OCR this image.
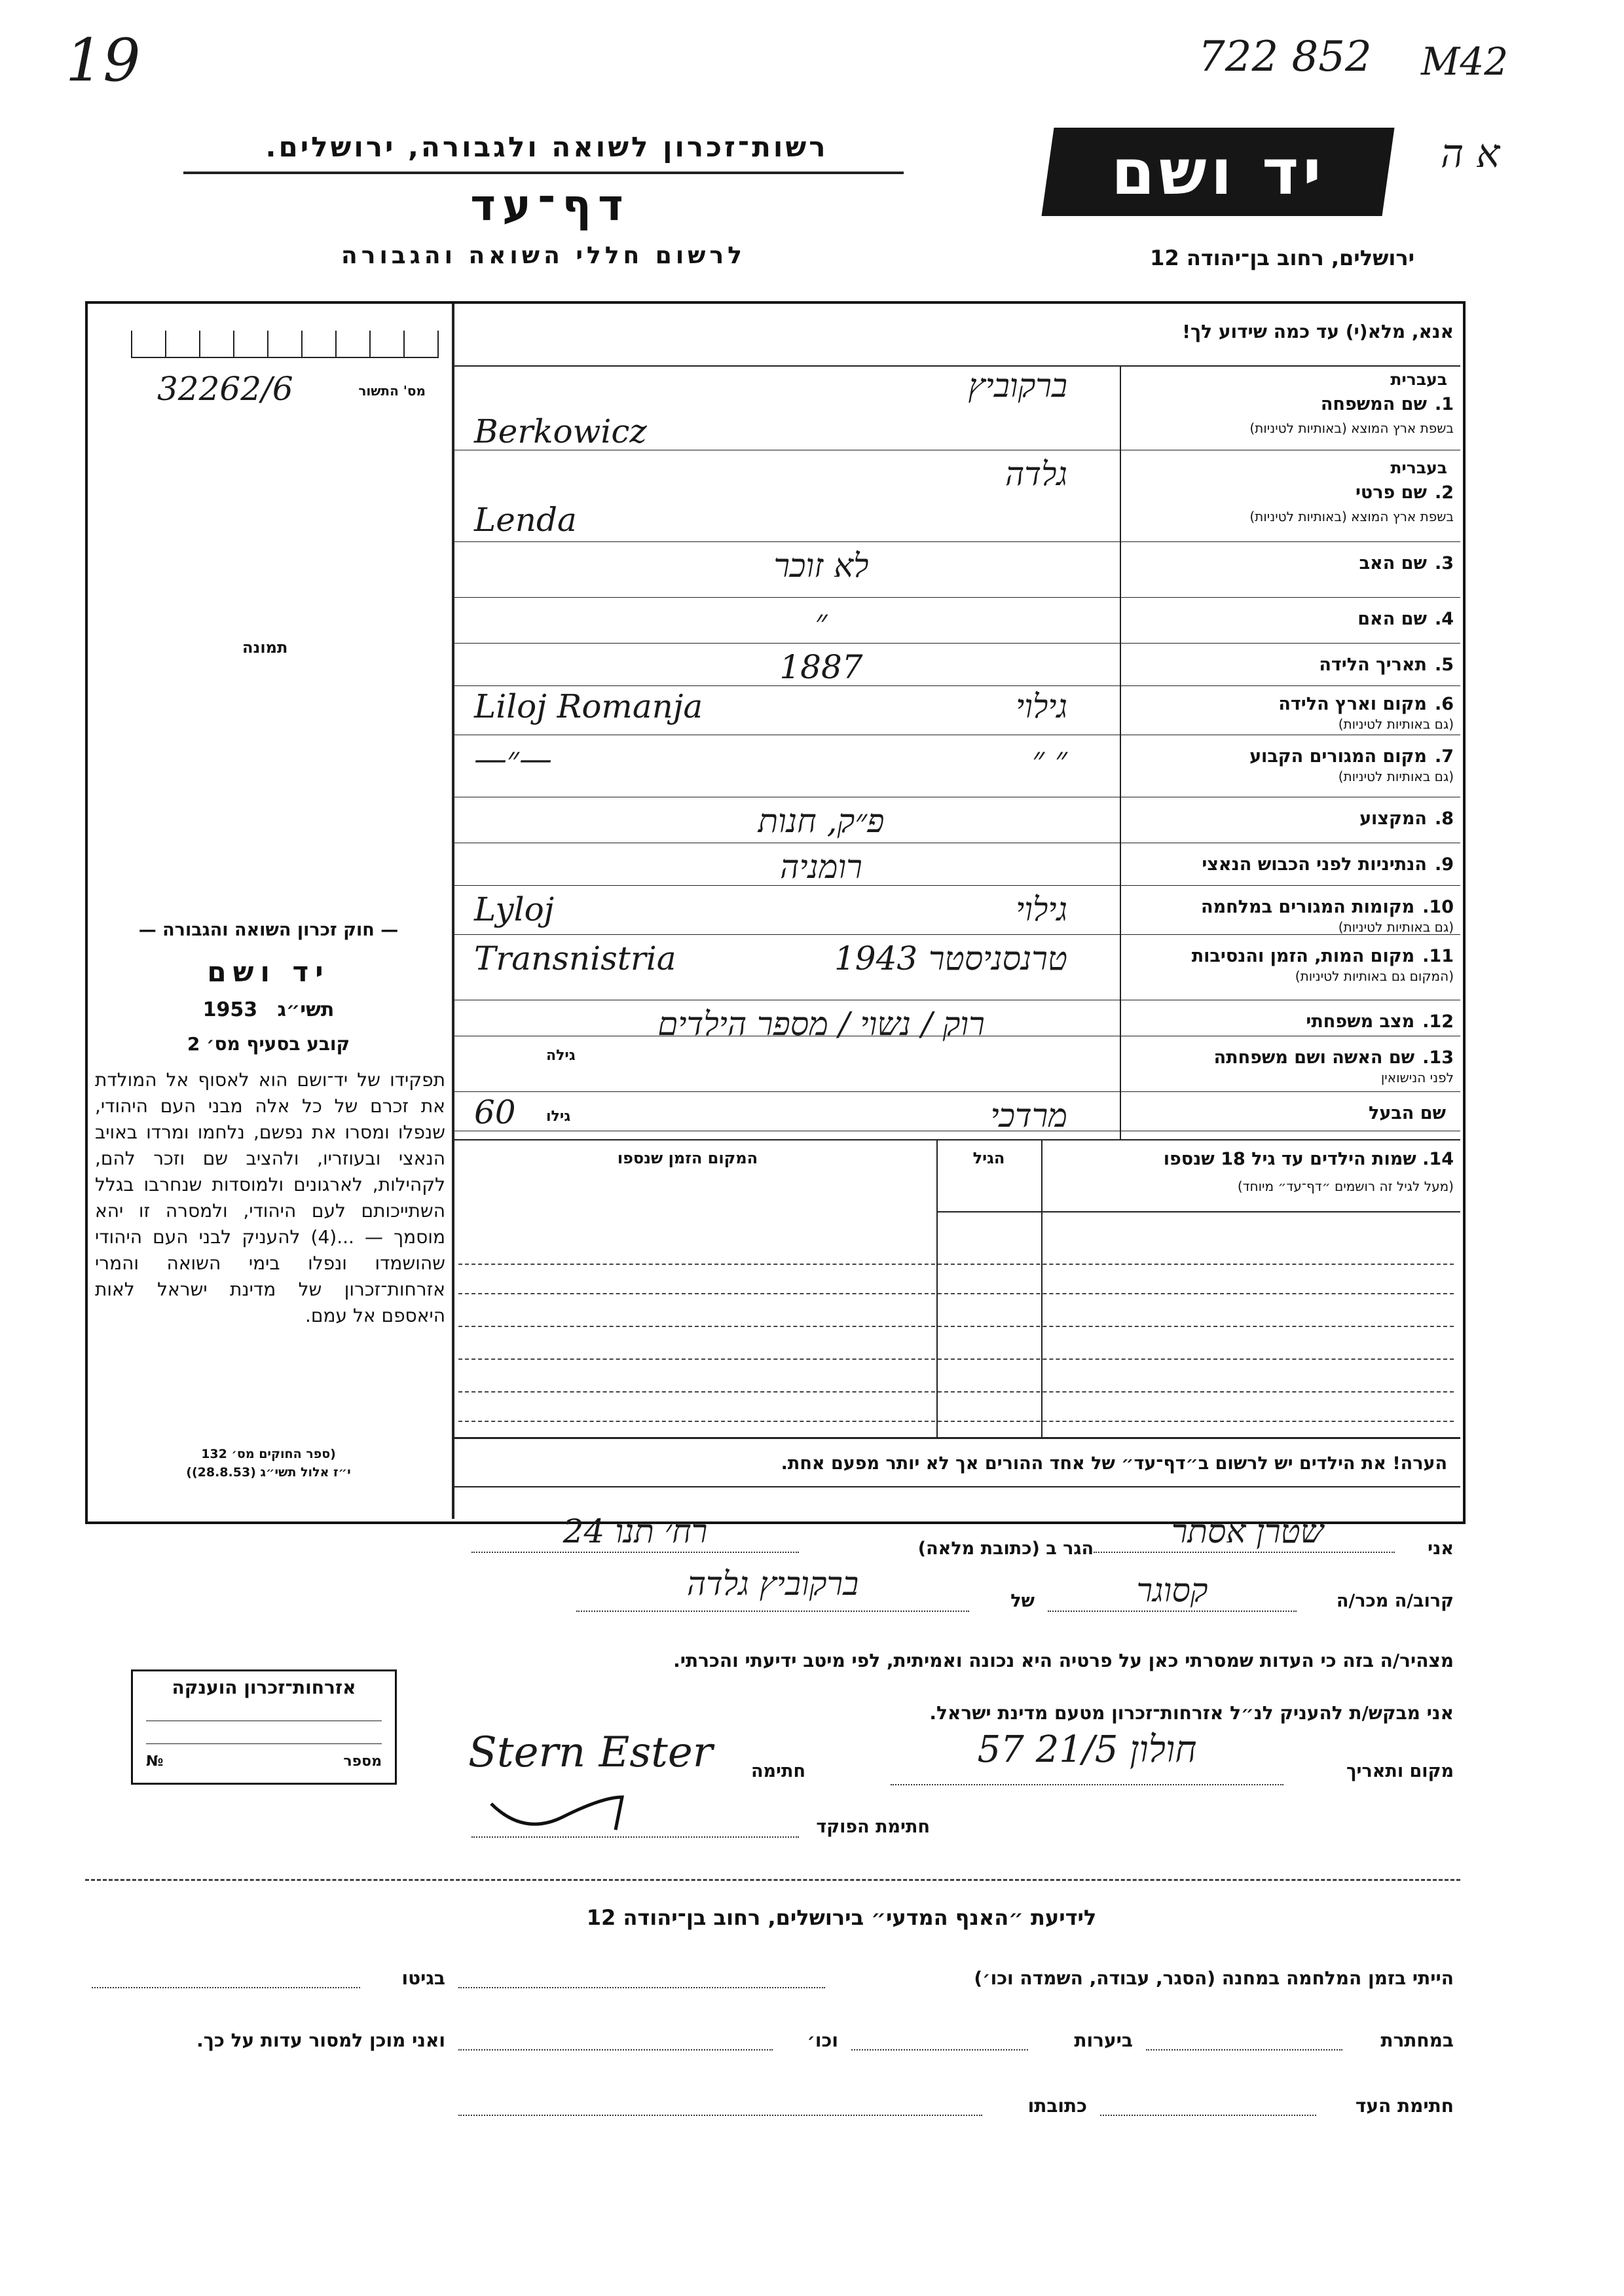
19	722 852 M42
א ה
רשות־זכרון לשואה ולגבורה, ירושלים.
דף־עד
לרשום חללי השואה והגבורה
יד ושם
ירושלים, רחוב בן־יהודה 12
מס' התשור
32262/6
תמונה
— חוק זכרון השואה והגבורה —
יד ושם
1953 תשי״ג
קובע בסעיף מס׳ 2
תפקידו של יד־ושם הוא לאסוף אל המולדת את זכרם של כל אלה מבני העם היהודי, שנפלו ומסרו את נפשם, נלחמו ומרדו באויב הנאצי ובעוזריו, ולהציב שם וזכר להם, לקהילות, לארגונים ולמוסדות שנחרבו בגלל השתייכותם לעם היהודי, ולמסרה זו יהא מוסמך — ...(4) להעניק לבני העם היהודי שהושמדו ונפלו בימי השואה והמרי אזרחות־זכרון של מדינת ישראל לאות היאספם אל עמם.
(ספר החוקים מס׳ 132
י״ז אלול תשי״ג (28.8.53))
אנא, מלא(י) עד כמה שידוע לך!
1.שם המשפחה
בעברית
בשפת ארץ המוצא (באותיות לטיניות)
ברקוביץ
Berkowicz
2.שם פרטי
בעברית
בשפת ארץ המוצא (באותיות לטיניות)
גלדה
Lenda
3.שם האב
לא זוכר
4.שם האם
״
5.תאריך הלידה
1887
6.מקום וארץ הלידה
(גם באותיות לטיניות)
גילוי
Liloj Romanja
7.מקום המגורים הקבוע
(גם באותיות לטיניות)
״ ״
—״—
8.המקצוע
פ״ק, חנות
9.הנתיניות לפני הכבוש הנאצי
רומניה
10.מקומות המגורים במלחמה
(גם באותיות לטיניות)
גילוי
Lyloj
11.מקום המות, הזמן והנסיבות
(המקום גם באותיות לטיניות)
טרנסניסטר
Transnistria	1943
12.מצב משפחתי
רוק / נשוי / מספר הילדים
13.שם האשה ושם משפחתה
לפני הנישואין
גילה
שם הבעל
מרדכי
גילו
60
14. שמות הילדים עד גיל 18 שנספו
(מעל לגיל זה רושמים ״דף־עד״ מיוחד)
הגיל
המקום הזמן שנספו
הערה! את הילדים יש לרשום ב״דף־עד״ של אחד ההורים אך לא יותר מפעם אחת.
אני
שטרן אסתר
הגר ב (כתובת מלאה)
רח׳ תנו 24
קרוב/ה מכר/ה
קסוגר
של
ברקוביץ גלדה
מצהיר/ה בזה כי העדות שמסרתי כאן על פרטיה היא נכונה ואמיתית, לפי מיטב ידיעתי והכרתי.
אני מבקש/ת להעניק לנ״ל אזרחות־זכרון מטעם מדינת ישראל.
מקום ותאריך
חולון 21/5 57
חתימה
Stern Ester
חתימת הפוקד
אזרחות־זכרון הוענקה
מספר
№
לידיעת ״האנף המדעי״ בירושלים, רחוב בן־יהודה 12
הייתי בזמן המלחמה במחנה (הסגר, עבודה, השמדה וכו׳)
בגיטו
במחתרת
ביערות
וכו׳
ואני מוכן למסור עדות על כך.
חתימת העד
כתובתו
